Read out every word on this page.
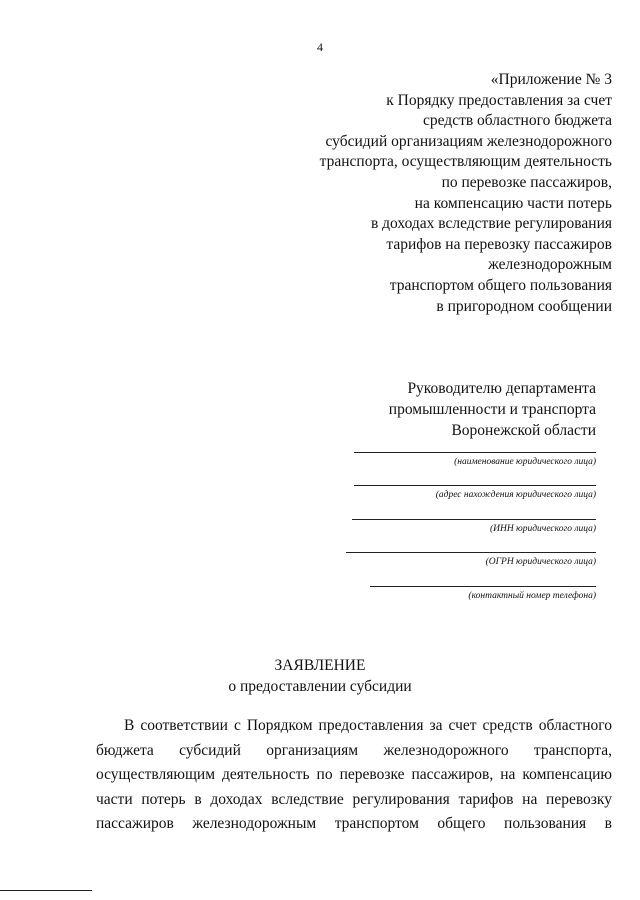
4
«Приложение № 3
к Порядку предоставления за счет
средств областного бюджета
субсидий организациям железнодорожного
транспорта, осуществляющим деятельность
по перевозке пассажиров,
на компенсацию части потерь
в доходах вследствие регулирования
тарифов на перевозку пассажиров
железнодорожным
транспортом общего пользования
в пригородном сообщении
Руководителю департамента
промышленности и транспорта
Воронежской области
(наименование юридического лица)
(адрес нахождения юридического лица)
(ИНН юридического лица)
(ОГРН юридического лица)
(контактный номер телефона)
ЗАЯВЛЕНИЕ
о предоставлении субсидии
В соответствии с Порядком предоставления за счет средств областного
бюджета субсидий организациям железнодорожного транспорта,
осуществляющим деятельность по перевозке пассажиров, на компенсацию
части потерь в доходах вследствие регулирования тарифов на перевозку
пассажиров железнодорожным транспортом общего пользования в
